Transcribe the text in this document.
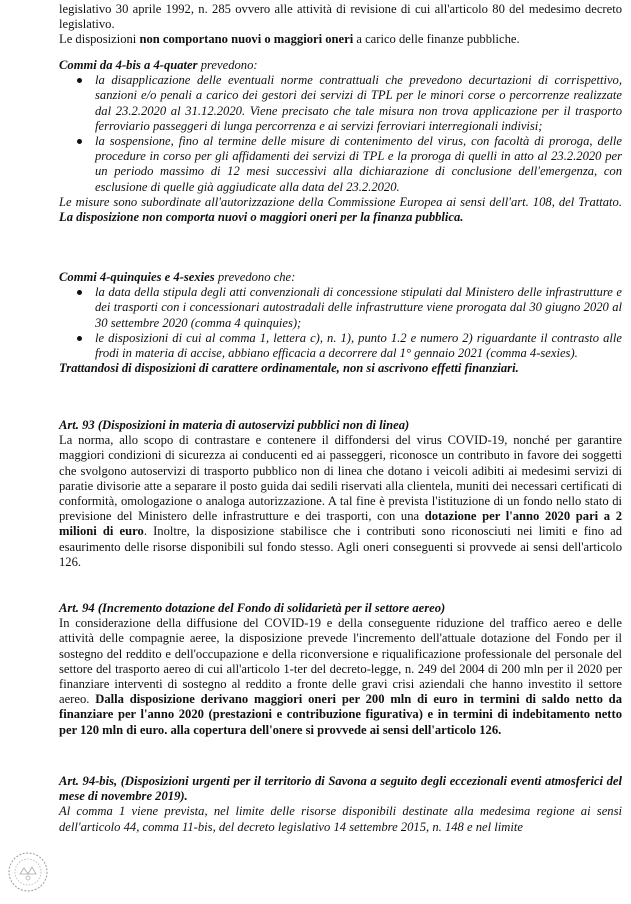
legislativo 30 aprile 1992, n. 285 ovvero alle attività di revisione di cui all'articolo 80 del medesimo decreto legislativo.

Le disposizioni non comportano nuovi o maggiori oneri a carico delle finanze pubbliche.

Commi da 4-bis a 4-quater prevedono:

la disapplicazione delle eventuali norme contrattuali che prevedono decurtazioni di corrispettivo, sanzioni e/o penali a carico dei gestori dei servizi di TPL per le minori corse o percorrenze realizzate dal 23.2.2020 al 31.12.2020. Viene precisato che tale misura non trova applicazione per il trasporto ferroviario passeggeri di lunga percorrenza e ai servizi ferroviari interregionali indivisi;
la sospensione, fino al termine delle misure di contenimento del virus, con facoltà di proroga, delle procedure in corso per gli affidamenti dei servizi di TPL e la proroga di quelli in atto al 23.2.2020 per un periodo massimo di 12 mesi successivi alla dichiarazione di conclusione dell'emergenza, con esclusione di quelle già aggiudicate alla data del 23.2.2020.

Le misure sono subordinate all'autorizzazione della Commissione Europea ai sensi dell'art. 108, del Trattato. La disposizione non comporta nuovi o maggiori oneri per la finanza pubblica.

Commi 4-quinquies e 4-sexies prevedono che:

la data della stipula degli atti convenzionali di concessione stipulati dal Ministero delle infrastrutture e dei trasporti con i concessionari autostradali delle infrastrutture viene prorogata dal 30 giugno 2020 al 30 settembre 2020 (comma 4 quinquies);
le disposizioni di cui al comma 1, lettera c), n. 1), punto 1.2 e numero 2) riguardante il contrasto alle frodi in materia di accise, abbiano efficacia a decorrere dal 1° gennaio 2021 (comma 4-sexies).

Trattandosi di disposizioni di carattere ordinamentale, non si ascrivono effetti finanziari.

Art. 93 (Disposizioni in materia di autoservizi pubblici non di linea)

La norma, allo scopo di contrastare e contenere il diffondersi del virus COVID-19, nonché per garantire maggiori condizioni di sicurezza ai conducenti ed ai passeggeri, riconosce un contributo in favore dei soggetti che svolgono autoservizi di trasporto pubblico non di linea che dotano i veicoli adibiti ai medesimi servizi di paratie divisorie atte a separare il posto guida dai sedili riservati alla clientela, muniti dei necessari certificati di conformità, omologazione o analoga autorizzazione. A tal fine è prevista l'istituzione di un fondo nello stato di previsione del Ministero delle infrastrutture e dei trasporti, con una dotazione per l'anno 2020 pari a 2 milioni di euro. Inoltre, la disposizione stabilisce che i contributi sono riconosciuti nei limiti e fino ad esaurimento delle risorse disponibili sul fondo stesso. Agli oneri conseguenti si provvede ai sensi dell'articolo 126.

Art. 94 (Incremento dotazione del Fondo di solidarietà per il settore aereo)

In considerazione della diffusione del COVID-19 e della conseguente riduzione del traffico aereo e delle attività delle compagnie aeree, la disposizione prevede l'incremento dell'attuale dotazione del Fondo per il sostegno del reddito e dell'occupazione e della riconversione e riqualificazione professionale del personale del settore del trasporto aereo di cui all'articolo 1-ter del decreto-legge, n. 249 del 2004 di 200 mln per il 2020 per finanziare interventi di sostegno al reddito a fronte delle gravi crisi aziendali che hanno investito il settore aereo. Dalla disposizione derivano maggiori oneri per 200 mln di euro in termini di saldo netto da finanziare per l'anno 2020 (prestazioni e contribuzione figurativa) e in termini di indebitamento netto per 120 mln di euro. alla copertura dell'onere si provvede ai sensi dell'articolo 126.

Art. 94-bis, (Disposizioni urgenti per il territorio di Savona a seguito degli eccezionali eventi atmosferici del mese di novembre 2019).

Al comma 1 viene prevista, nel limite delle risorse disponibili destinate alla medesima regione ai sensi dell'articolo 44, comma 11-bis, del decreto legislativo 14 settembre 2015, n. 148 e nel limite
